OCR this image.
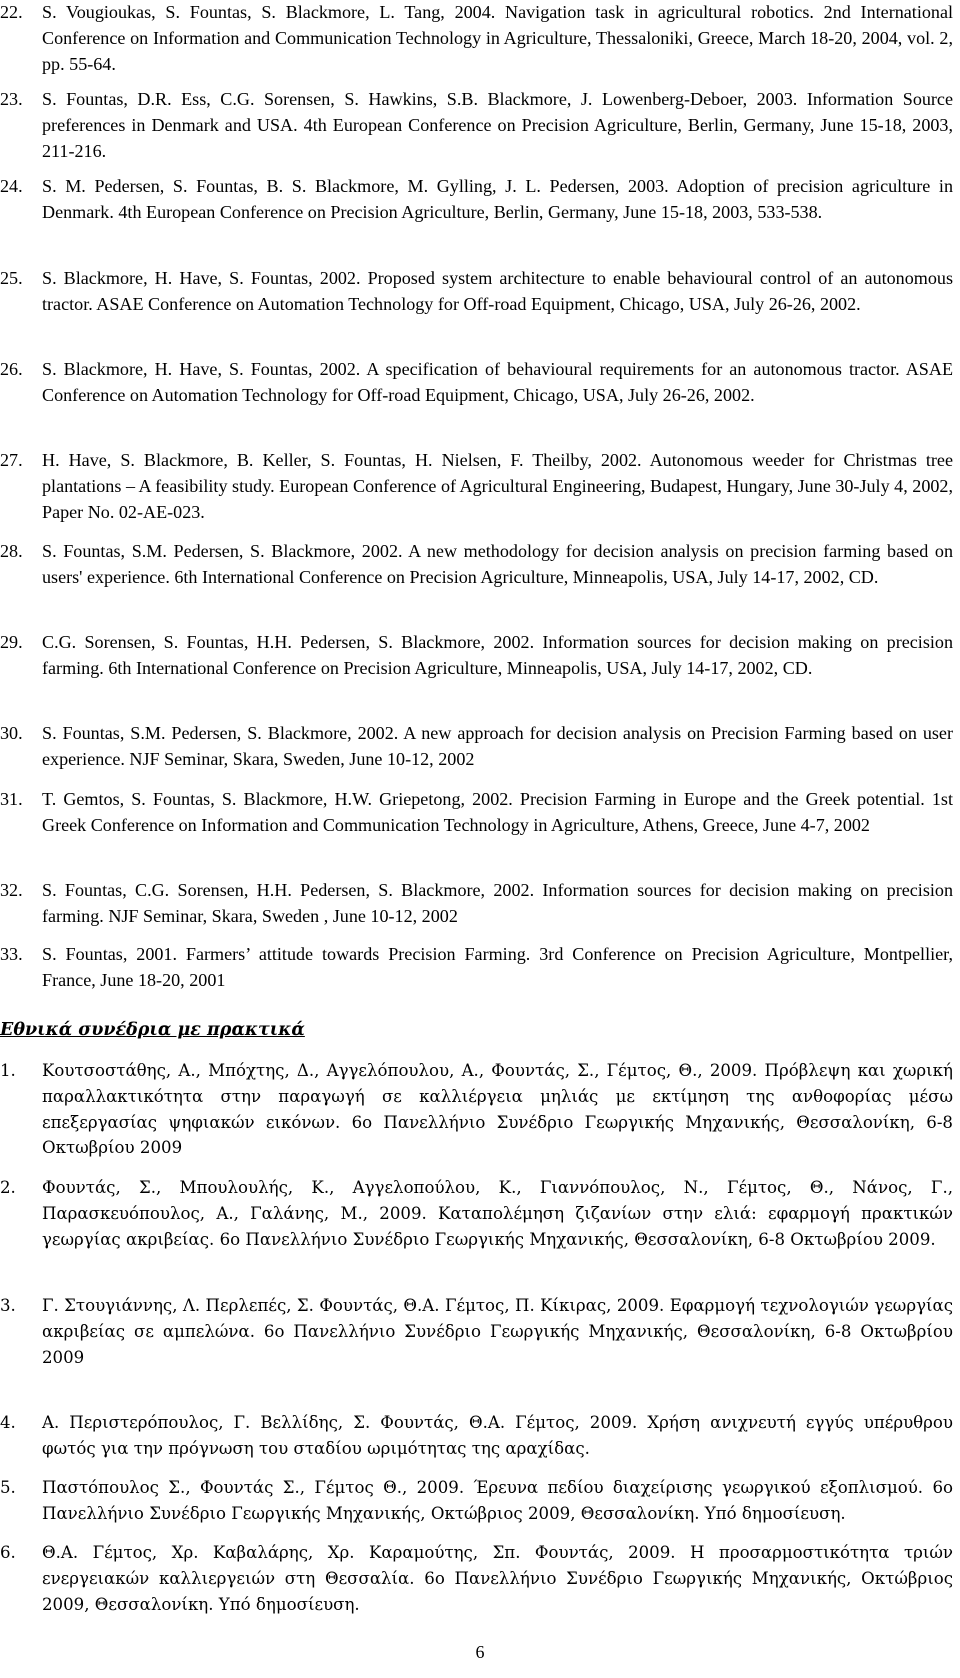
22.	S. Vougioukas, S. Fountas, S. Blackmore, L. Tang, 2004. Navigation task in agricultural robotics. 2nd International Conference on Information and Communication Technology in Agriculture, Thessaloniki, Greece, March 18-20, 2004, vol. 2, pp. 55-64.
23.	S. Fountas, D.R. Ess, C.G. Sorensen, S. Hawkins, S.B. Blackmore, J. Lowenberg-Deboer, 2003. Information Source preferences in Denmark and USA. 4th European Conference on Precision Agriculture, Berlin, Germany, June 15-18, 2003, 211-216.
24.	S. M. Pedersen, S. Fountas, B. S. Blackmore, M. Gylling, J. L. Pedersen, 2003. Adoption of precision agriculture in Denmark. 4th European Conference on Precision Agriculture, Berlin, Germany, June 15-18, 2003, 533-538.
25.	S. Blackmore, H. Have, S. Fountas, 2002. Proposed system architecture to enable behavioural control of an autonomous tractor. ASAE Conference on Automation Technology for Off-road Equipment, Chicago, USA, July 26-26, 2002.
26.	S. Blackmore, H. Have, S. Fountas, 2002. A specification of behavioural requirements for an autonomous tractor. ASAE Conference on Automation Technology for Off-road Equipment, Chicago, USA, July 26-26, 2002.
27.	H. Have, S. Blackmore, B. Keller, S. Fountas, H. Nielsen, F. Theilby, 2002. Autonomous weeder for Christmas tree plantations – A feasibility study. European Conference of Agricultural Engineering, Budapest, Hungary, June 30-July 4, 2002, Paper No. 02-AE-023.
28.	S. Fountas, S.M. Pedersen, S. Blackmore, 2002. A new methodology for decision analysis on precision farming based on users' experience. 6th International Conference on Precision Agriculture, Minneapolis, USA, July 14-17, 2002, CD.
29.	C.G. Sorensen, S. Fountas, H.H. Pedersen, S. Blackmore, 2002. Information sources for decision making on precision farming. 6th International Conference on Precision Agriculture, Minneapolis, USA, July 14-17, 2002, CD.
30.	S. Fountas, S.M. Pedersen, S. Blackmore, 2002. A new approach for decision analysis on Precision Farming based on user experience. NJF Seminar, Skara, Sweden, June 10-12, 2002
31.	T. Gemtos, S. Fountas, S. Blackmore, H.W. Griepetong, 2002. Precision Farming in Europe and the Greek potential. 1st Greek Conference on Information and Communication Technology in Agriculture, Athens, Greece, June 4-7, 2002
32.	S. Fountas, C.G. Sorensen, H.H. Pedersen, S. Blackmore, 2002. Information sources for decision making on precision farming. NJF Seminar, Skara, Sweden , June 10-12, 2002
33.	S. Fountas, 2001. Farmers’ attitude towards Precision Farming. 3rd Conference on Precision Agriculture, Montpellier, France, June 18-20, 2001
Εθνικά συνέδρια με πρακτικά
1.	Κουτσοστάθης, Α., Μπόχτης, Δ., Αγγελόπουλου, Α., Φουντάς, Σ., Γέμτος, Θ., 2009. Πρόβλεψη και χωρική παραλλακτικότητα στην παραγωγή σε καλλιέργεια μηλιάς με εκτίμηση της ανθοφορίας μέσω επεξεργασίας ψηφιακών εικόνων. 6ο Πανελλήνιο Συνέδριο Γεωργικής Μηχανικής, Θεσσαλονίκη, 6-8 Οκτωβρίου 2009
2.	Φουντάς, Σ., Μπουλουλής, Κ., Αγγελοπούλου, Κ., Γιαννόπουλος, Ν., Γέμτος, Θ., Νάνος, Γ., Παρασκευόπουλος, Α., Γαλάνης, Μ., 2009. Καταπολέμηση ζιζανίων στην ελιά: εφαρμογή πρακτικών γεωργίας ακριβείας. 6ο Πανελλήνιο Συνέδριο Γεωργικής Μηχανικής, Θεσσαλονίκη, 6-8 Οκτωβρίου 2009.
3.	Γ. Στουγιάννης, Λ. Περλεπές, Σ. Φουντάς, Θ.Α. Γέμτος, Π. Κίκιρας, 2009. Εφαρμογή τεχνολογιών γεωργίας ακριβείας σε αμπελώνα. 6ο Πανελλήνιο Συνέδριο Γεωργικής Μηχανικής, Θεσσαλονίκη, 6-8 Οκτωβρίου 2009
4.	Α. Περιστερόπουλος, Γ. Βελλίδης, Σ. Φουντάς, Θ.Α. Γέμτος, 2009. Χρήση ανιχνευτή εγγύς υπέρυθρου φωτός για την πρόγνωση του σταδίου ωριμότητας της αραχίδας.
5.	Παστόπουλος Σ., Φουντάς Σ., Γέμτος Θ., 2009. Έρευνα πεδίου διαχείρισης γεωργικού εξοπλισμού. 6ο Πανελλήνιο Συνέδριο Γεωργικής Μηχανικής, Οκτώβριος 2009, Θεσσαλονίκη. Υπό δημοσίευση.
6.	Θ.Α. Γέμτος, Χρ. Καβαλάρης, Χρ. Καραμούτης, Σπ. Φουντάς, 2009. Η προσαρμοστικότητα τριών ενεργειακών καλλιεργειών στη Θεσσαλία. 6ο Πανελλήνιο Συνέδριο Γεωργικής Μηχανικής, Οκτώβριος 2009, Θεσσαλονίκη. Υπό δημοσίευση.
6
